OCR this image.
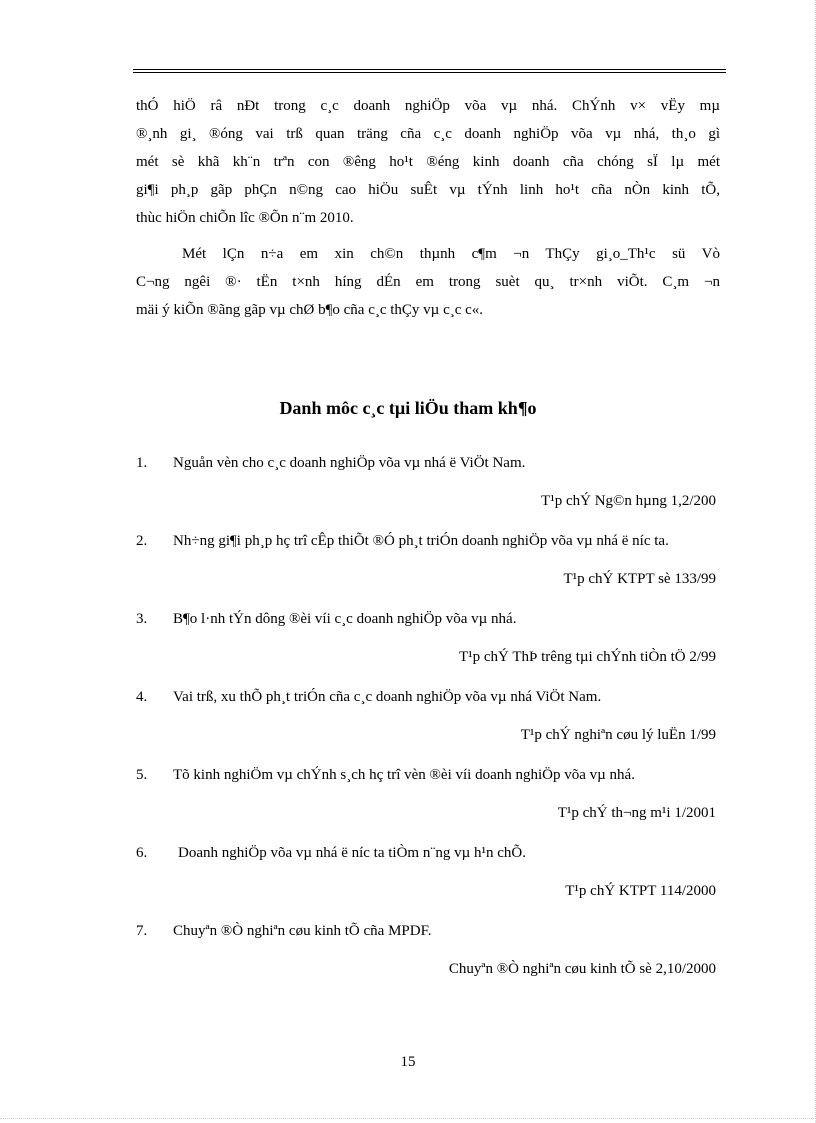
thÓ hiÖ râ nÐt trong c¸c doanh nghiÖp võa vµ nhá. ChÝnh v× vËy mµ
®¸nh gi¸ ®óng vai trß quan träng cña c¸c doanh nghiÖp võa vµ nhá, th¸o gì
mét sè khã kh¨n trªn con ®êng ho¹t ®éng kinh doanh cña chóng sÏ lµ mét
gi¶i ph¸p gãp phÇn n©ng cao hiÖu suÊt vµ tÝnh linh ho¹t cña nÒn kinh tÕ,
thùc hiÖn chiÕn lîc ®Õn n¨m 2010.
Mét lÇn n÷a em xin ch©n thµnh c¶m ¬n ThÇy gi¸o_Th¹c sü Vò
C¬ng ngêi ®· tËn t×nh híng dÉn em trong suèt qu¸ tr×nh viÕt. C¸m ¬n
mäi ý kiÕn ®ãng gãp vµ chØ b¶o cña c¸c thÇy vµ c¸c c«.
Danh môc c¸c tµi liÖu tham kh¶o
1. Nguån vèn cho c¸c doanh nghiÖp võa vµ nhá ë ViÖt Nam.
T¹p chÝ Ng©n hµng 1,2/200
2. Nh÷ng gi¶i ph¸p hç trî cÊp thiÕt ®Ó ph¸t triÓn doanh nghiÖp võa vµ nhá ë níc ta.
T¹p chÝ KTPT sè 133/99
3. B¶o l·nh tÝn dông ®èi víi c¸c doanh nghiÖp võa vµ nhá.
T¹p chÝ ThÞ trêng tµi chÝnh tiÒn tÖ 2/99
4. Vai trß, xu thÕ ph¸t triÓn cña c¸c doanh nghiÖp võa vµ nhá ViÖt Nam.
T¹p chÝ nghiªn cøu lý luËn 1/99
5. Tõ kinh nghiÖm vµ chÝnh s¸ch hç trî vèn ®èi víi doanh nghiÖp võa vµ nhá.
T¹p chÝ th¬ng m¹i 1/2001
6. Doanh nghiÖp võa vµ nhá ë níc ta tiÒm n¨ng vµ h¹n chÕ.
T¹p chÝ KTPT 114/2000
7. Chuyªn ®Ò nghiªn cøu kinh tÕ cña MPDF.
Chuyªn ®Ò nghiªn cøu kinh tÕ sè 2,10/2000
15
